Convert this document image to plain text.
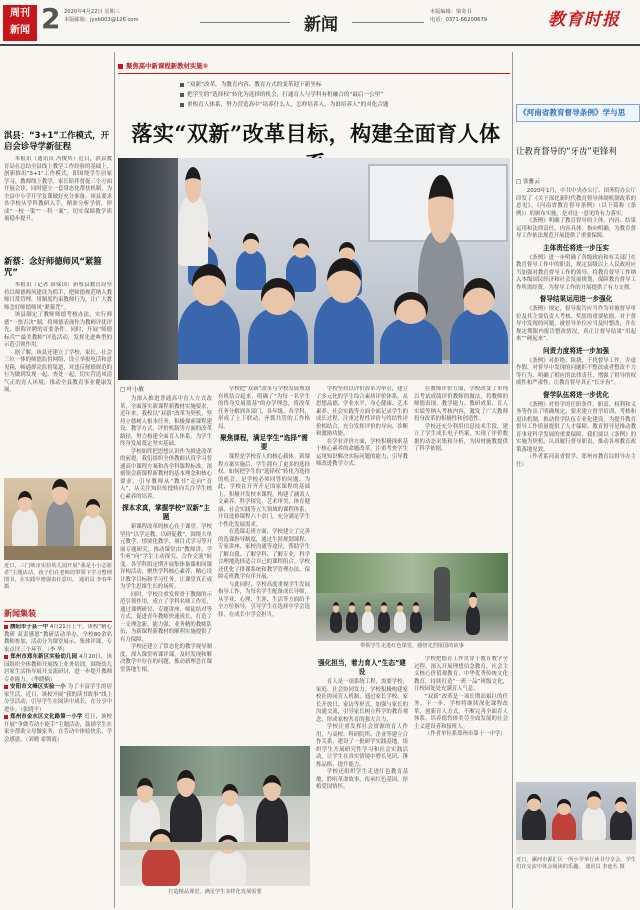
周刊
新闻 2 2020年4月22日 星期三
本版邮箱：jyxb003@126.com	新闻
本版编辑：梁奇书
电话：0371-66200679	教育时报
聚焦高中新课程新教材实施⑤
“双新”改革，为教育内容、教育方式的变革迎下新坐标
把学生的“选择权”转化为选择的机会，打通育人与学科有机融合的“最后一公里”
重构育人体系，努力营造高中“培养什么人、怎样培养人、为谁培养人”的对化合题
落实“双新”改革目标，构建全面育人体
□ 叶小敏

为深入推进普通高中育人方式改革，全面落实新课程新教材实施要求，近年来，我校以“双新”改革为契机，坚持立德树人根本任务，积极探索课程建设、教学方式、评价机制等方面的改革路径，努力构建全面育人体系，为学生终身发展奠定坚实基础。

学校始终把思想认识作为推进改革的前提。我们组织全体教师认真学习普通高中课程方案和各学科课程标准，深刻领会新课程新教材的基本理念和核心要求，引导教师从“教书”走向“育人”，从关注知识传授转向关注学生核心素养的培养。

探本求真，掌握学校“双新”主题

新课程改革的核心在于课堂。学校坚持“以学定教、以研促教”，围绕大单元教学、情境化教学、项目式学习等开展专题研究，推动课堂由“教师讲、学生听”向“学生主动探究、合作交流”转变。各学科组定期开展集体备课和同课异构活动，聚焦学科核心素养，精心设计教学目标和学习任务，让课堂真正成为学生思维生长的场所。

同时，学校注重发挥骨干教师的示范引领作用，成立了学科名师工作室，通过课例研讨、专题讲座、师徒结对等方式，促进青年教师快速成长，打造了一支理念新、能力强、业务精的教师队伍，为新课程新教材的顺利实施提供了有力保障。

学校还建立了常态化的教学视导制度，深入课堂听课评课，及时发现和解决教学中存在的问题，推动新理念在课堂落地生根。

学校把“双新”改革与学校发展规划有机结合起来，明确了“为每一名学生的终身发展奠基”的办学理念，将改革任务分解到各部门、各年级、各学科，形成了上下联动、齐抓共管的工作格局。

聚焦课程，满足学生“选择”需要

课程是学校育人的核心载体。新课程方案实施后，学生拥有了更多的选择权。如何把学生的“选择权”转化为选择的机会，是学校必须回答的问题。为此，学校在开齐开足国家课程的基础上，积极开发校本课程，构建了涵盖人文素养、科学探究、艺术审美、体育健康、社会实践等五大领域的课程体系，开设选修课程六十余门，充分满足学生个性化发展需求。

在选课走班方面，学校建立了完善的选课指导制度，通过生涯规划课程、专家讲座、家校沟通等途径，帮助学生了解自我、了解学科、了解专业，科学合理地选择适合自己的课程组合。学校还优化了排课系统和教学管理办法，保障走班教学有序开展。

与此同时，学校高度重视学生发展指导工作，为每名学生配备成长导师，从学业、心理、生涯、生活等方面给予全方位指导，引导学生在选择中学会选择，在成长中学会担当。

学校坚持以评价改革为牵引，建立了多元化的学生综合素质评价体系，从思想品德、学业水平、身心健康、艺术素养、社会实践等方面全面记录学生的成长过程，注重过程性评价与终结性评价相结合，充分发挥评价的导向、诊断和激励功能。

在学业评价方面，学校积极探索基于核心素养的命题改革，注重考查学生运用知识解决实际问题的能力，引导教师改进教学方式。

在教师评价方面，学校改变了单纯以考试成绩评价教师的做法，将教师的师德表现、教学能力、教研成果、育人实绩等纳入考核内容，激发了广大教师投身改革的积极性和创造性。

学校还充分利用信息技术手段，建立了学生成长电子档案，实现了评价数据的动态采集和分析，为因材施教提供了科学依据。

带领学生走进红色课堂，感悟先烈报国的故事
强化担当，着力育人“生态”建设

育人是一项系统工程，需要学校、家庭、社会协同发力。学校积极构建家校社协同育人机制，通过家长学校、家长开放日、家访等形式，加强与家长的沟通交流，引导家长树立科学的教育观念，形成家校共育的强大合力。

学校注重发挥社会资源的育人作用，与高校、科研院所、企业等建立合作关系，建设了一批研学实践基地，组织学生开展研究性学习和社会实践活动，让学生在真实情境中增长见识、锤炼品格、提升能力。

学校还组织学生走进红色教育基地，聆听革命故事，传承红色基因，厚植爱国情怀。

学校把德育工作贯穿于教育教学全过程，深入开展理想信念教育、社会主义核心价值观教育、中华优秀传统文化教育，持续打造“一班一品”班级文化，让校园处处充满育人气息。

“双新”改革是一项长期而艰巨的任务。下一步，学校将继续深化课程改革，创新育人方式，不断完善全面育人体系，培养德智体美劳全面发展的社会主义建设者和接班人。

（作者单位系郑州市第十一中学）

打造精品课堂，满足学生多样化发展需要
淇县：“3+1”工作模式，开启会诊导学新征程

本报讯（通讯员 冯俊其）近日，淇县教育局在总结全县线上教学工作经验的基础上，创新推出“3+1”工作模式，即围绕学生居家学习、教师线上教学、家长陪伴督促三个方面开展会诊，同时建立一套常态化帮扶机制，为全县中小学开学复课做好充分准备。该县要求各学校从学科教研入手，精准分析学情，形成“一校一策”“一科一案”，切实保障教学质量稳步提升。

新蔡：念好师德师风“紧箍咒”

本报讯（记者 薛保国）新蔡县教育局坚持以师德师风建设为抓手，把师德规范纳入教师日常管理，用制度约束教师行为，让广大教师念好师德师风“紧箍咒”。

该县制定了教师师德考核办法，实行师德“一票否决”制，将师德表现作为教师评优评先、职称评聘的首要条件。同时，开展“师德标兵”“最美教师”评选活动，发挥先进典型的示范引领作用。

据了解，该县还建立了学校、家长、社会三位一体的师德监督网络，设立举报电话和意见箱，畅通群众监督渠道，对违反师德规范的行为做到发现一起、查处一起，切实营造风清气正的育人环境，推动全县教育事业健康发展。

近日，三门峡市实验幼儿园开展“我是小小志愿者”主题活动，孩子们在老师的带领下学习整理图书，在实践中增强责任意识。 通讯员 李春华 摄
新闻集装

濮阳市于县一中 4月21日上午，该校“精心教研 双责感恩”教研活动举办，全校80余名教师参加，活动分为课堂展示、集体评课、专家点评三个环节。（李 华）

郑州市郑东新区实验幼儿园 4月20日，该园组织全体教师开展线上业务培训，围绕幼儿居家生活指导展开交流研讨，进一步提升教师专业能力。（华晓楠）

安阳市文峰区实验一小 为了丰富学生的居家生活，近日，该校开展“我的读书故事”线上分享活动，引导学生在阅读中成长，在分享中进步。（张晓平）

郑州市金水区文化路第一小学 近日，该校开展“争做劳动小能手”主题活动，鼓励学生在家中帮助父母做家务，在劳动中体验快乐、学会感恩。（刘晓 霍朝霞）

《河南省教育督导条例》学与思
让教育督导的“牙齿”更锋利
□ 张雅云

2020年1月，中共中央办公厅、国务院办公厅印发了《关于深化新时代教育督导体制机制改革的意见》。《河南省教育督导条例》（以下简称《条例》）的颁布实施，是对这一意见的有力落实。

《条例》明确了教育督导的主体、内容、结果运用和法律责任，内容具体、指向明确，为教育督导工作依法规范开展提供了重要保障。

主体责任将进一步压实

《条例》进一步明确了各级政府和有关部门在教育督导工作中的职责，规定县级以上人民政府应当加强对教育督导工作的领导，将教育督导工作纳入本级国民经济和社会发展规划，保障教育督导工作所需经费，为督导工作的开展提供了有力支撑。

督导结果运用进一步强化

《条例》规定，督导报告应当作为对被督导单位及其主要负责人考核、奖惩的重要依据。对于督导中发现的问题，被督导单位应当及时整改，并在规定期限内报告整改情况，真正让督导结果“用起来”“硬起来”。

问责力度将进一步加强

《条例》对拒绝、阻挠、干扰督导工作，弄虚作假、对督导中发现的问题拒不整改或者整改不力等行为，明确了相应的法律责任，增强了督导的权威性和严肃性，让教育督导真正“长牙齿”。

督学队伍将进一步优化

《条例》对督学的任职条件、职责、权利和义务等作出了明确规定，要求建立督学培训、考核和退出机制，推动督学队伍专业化建设，为提升教育督导工作质量提供了人才保障。教育督导是推动教育事业科学发展的重要保障，我们要以《条例》的实施为契机，认真履行督导职责，推动各项教育政策落地见效。

（作者系河南省督学、郑州市教育局督导办主任）

近日，漯河市源汇区一所小学举行读书分享会，学生们在交流中体会阅读的乐趣。 通讯员 李连丛 摄
